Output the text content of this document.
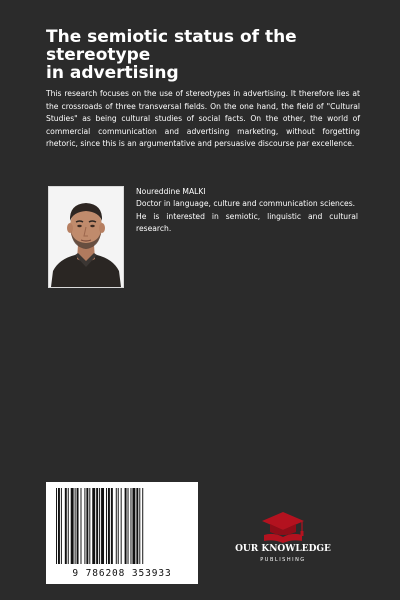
The semiotic status of the
stereotype
in advertising

This research focuses on the use of stereotypes in advertising. It therefore lies at the crossroads of three transversal fields. On the one hand, the field of "Cultural Studies" as being cultural studies of social facts. On the other, the world of commercial communication and advertising marketing, without forgetting rhetoric, since this is an argumentative and persuasive discourse par excellence.

Noureddine MALKI
Doctor in language, culture and communication sciences.
He is interested in semiotic, linguistic and cultural research.
9 786208 353933
OUR KNOWLEDGE
PUBLISHING
